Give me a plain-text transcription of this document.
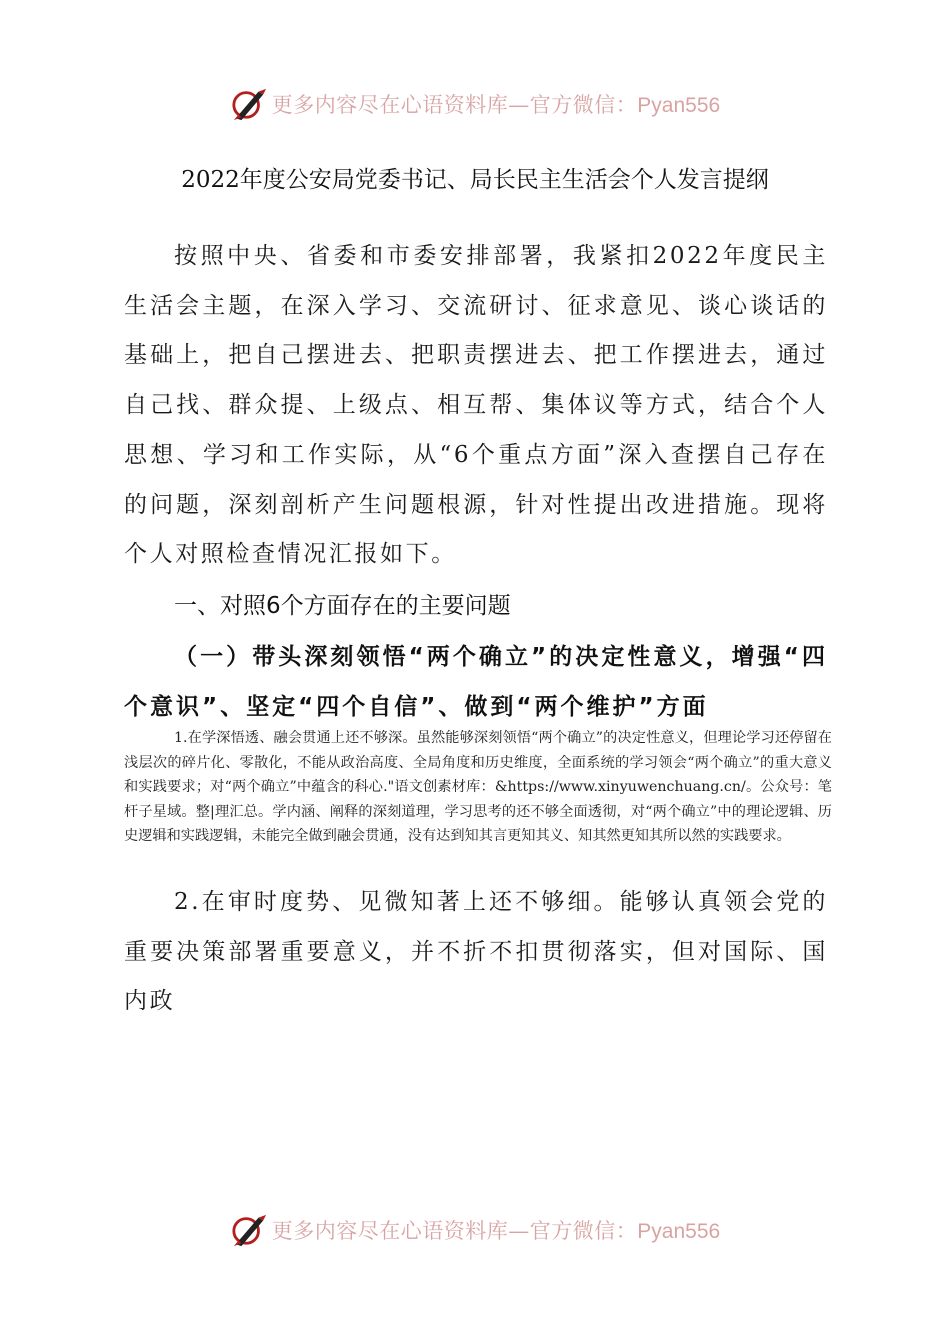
更多内容尽在心语资料库—官方微信：Pyan556
2022年度公安局党委书记、局长民主生活会个人发言提纲

按照中央、省委和市委安排部署，我紧扣2022年度民主生活会主题，在深入学习、交流研讨、征求意见、谈心谈话的基础上，把自己摆进去、把职责摆进去、把工作摆进去，通过自己找、群众提、上级点、相互帮、集体议等方式，结合个人思想、学习和工作实际，从“6个重点方面”深入查摆自己存在的问题，深刻剖析产生问题根源，针对性提出改进措施。现将个人对照检查情况汇报如下。

一、对照6个方面存在的主要问题

（一）带头深刻领悟“两个确立”的决定性意义，增强“四个意识”、坚定“四个自信”、做到“两个维护”方面

1.在学深悟透、融会贯通上还不够深。虽然能够深刻领悟“两个确立”的决定性意义，但理论学习还停留在浅层次的碎片化、零散化，不能从政治高度、全局角度和历史维度，全面系统的学习领会“两个确立”的重大意义和实践要求；对“两个确立”中蕴含的科心."语文创素材库：&https://www.xinyuwenchuang.cn/。公众号：笔杆子星域。整|理汇总。学内涵、阐释的深刻道理，学习思考的还不够全面透彻，对“两个确立”中的理论逻辑、历史逻辑和实践逻辑，未能完全做到融会贯通，没有达到知其言更知其义、知其然更知其所以然的实践要求。

2.在审时度势、见微知著上还不够细。能够认真领会党的重要决策部署重要意义，并不折不扣贯彻落实，但对国际、国内政

更多内容尽在心语资料库—官方微信：Pyan556
